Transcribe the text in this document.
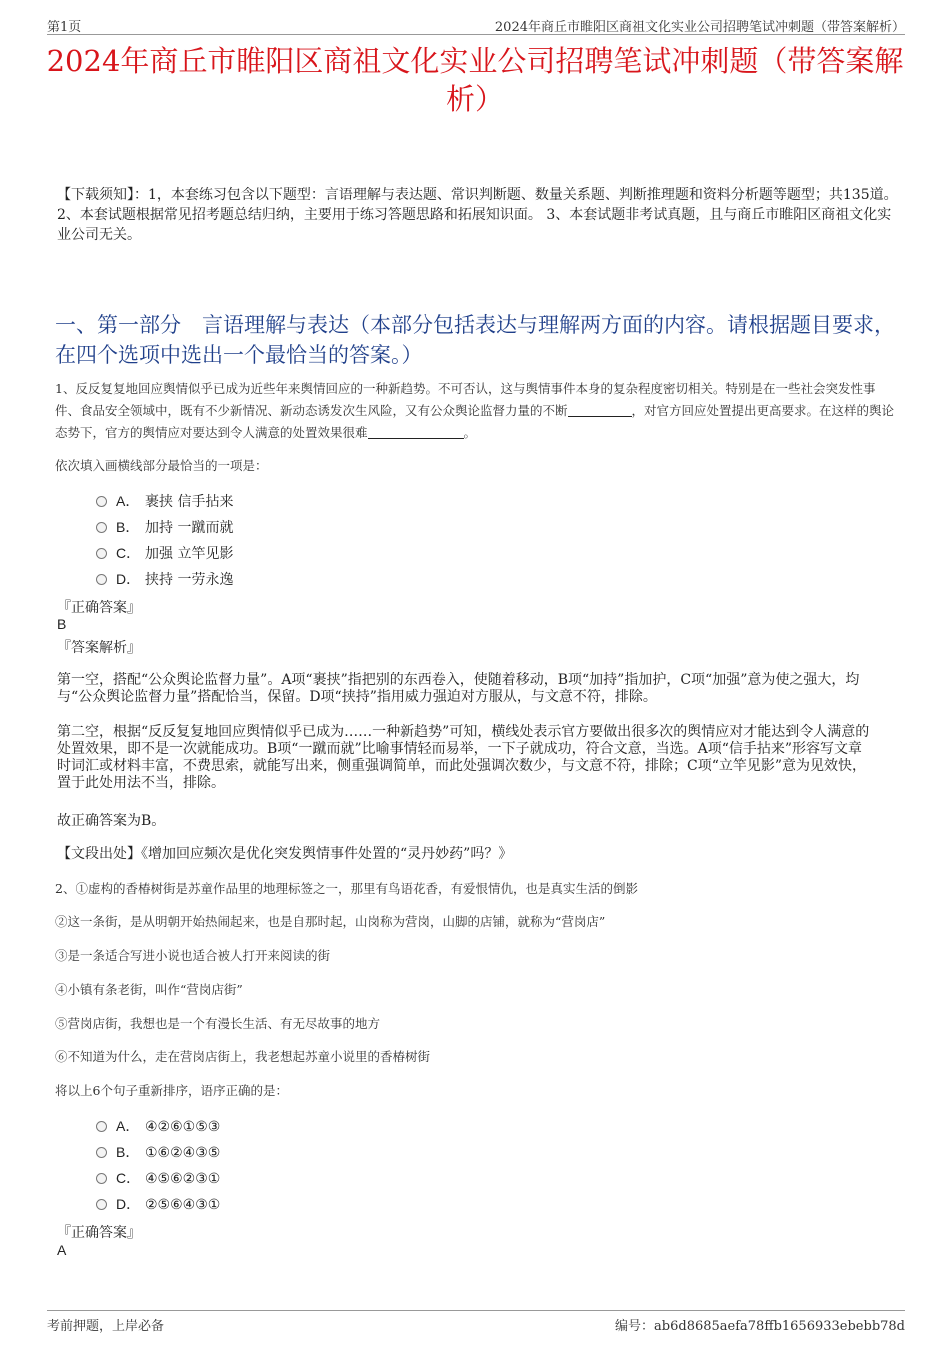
第1页	2024年商丘市睢阳区商祖文化实业公司招聘笔试冲刺题（带答案解析）
2024年商丘市睢阳区商祖文化实业公司招聘笔试冲刺题（带答案解析）
【下载须知】：1，本套练习包含以下题型：言语理解与表达题、常识判断题、数量关系题、判断推理题和资料分析题等题型；共135道。 2、本套试题根据常见招考题总结归纳，主要用于练习答题思路和拓展知识面。 3、本套试题非考试真题，且与商丘市睢阳区商祖文化实业公司无关。
一、第一部分　言语理解与表达（本部分包括表达与理解两方面的内容。请根据题目要求，在四个选项中选出一个最恰当的答案。）
1、反反复复地回应舆情似乎已成为近些年来舆情回应的一种新趋势。不可否认，这与舆情事件本身的复杂程度密切相关。特别是在一些社会突发性事件、食品安全领域中，既有不少新情况、新动态诱发次生风险，又有公众舆论监督力量的不断	，对官方回应处置提出更高要求。在这样的舆论态势下，官方的舆情应对要达到令人满意的处置效果很难	。
依次填入画横线部分最恰当的一项是：
A． 裹挟 信手拈来
B． 加持 一蹴而就
C． 加强 立竿见影
D． 挟持 一劳永逸
『正确答案』
B
『答案解析』
第一空，搭配“公众舆论监督力量”。A项“裹挟”指把别的东西卷入，使随着移动，B项“加持”指加护，C项“加强”意为使之强大，均与“公众舆论监督力量”搭配恰当，保留。D项“挟持”指用威力强迫对方服从，与文意不符，排除。
第二空，根据“反反复复地回应舆情似乎已成为……一种新趋势”可知，横线处表示官方要做出很多次的舆情应对才能达到令人满意的处置效果，即不是一次就能成功。B项“一蹴而就”比喻事情轻而易举，一下子就成功，符合文意，当选。A项“信手拈来”形容写文章时词汇或材料丰富，不费思索，就能写出来，侧重强调简单，而此处强调次数少，与文意不符，排除；C项“立竿见影”意为见效快，置于此处用法不当，排除。
故正确答案为B。
【文段出处】《增加回应频次是优化突发舆情事件处置的“灵丹妙药”吗？》
2、①虚构的香椿树街是苏童作品里的地理标签之一，那里有鸟语花香，有爱恨情仇，也是真实生活的倒影
②这一条街，是从明朝开始热闹起来，也是自那时起，山岗称为营岗，山脚的店铺，就称为“营岗店”
③是一条适合写进小说也适合被人打开来阅读的街
④小镇有条老街，叫作“营岗店街”
⑤营岗店街，我想也是一个有漫长生活、有无尽故事的地方
⑥不知道为什么，走在营岗店街上，我老想起苏童小说里的香椿树街
将以上6个句子重新排序，语序正确的是：
A． ④②⑥①⑤③
B． ①⑥②④③⑤
C． ④⑤⑥②③①
D． ②⑤⑥④③①
『正确答案』
A
考前押题，上岸必备	编号：ab6d8685aefa78ffb1656933ebebb78d
